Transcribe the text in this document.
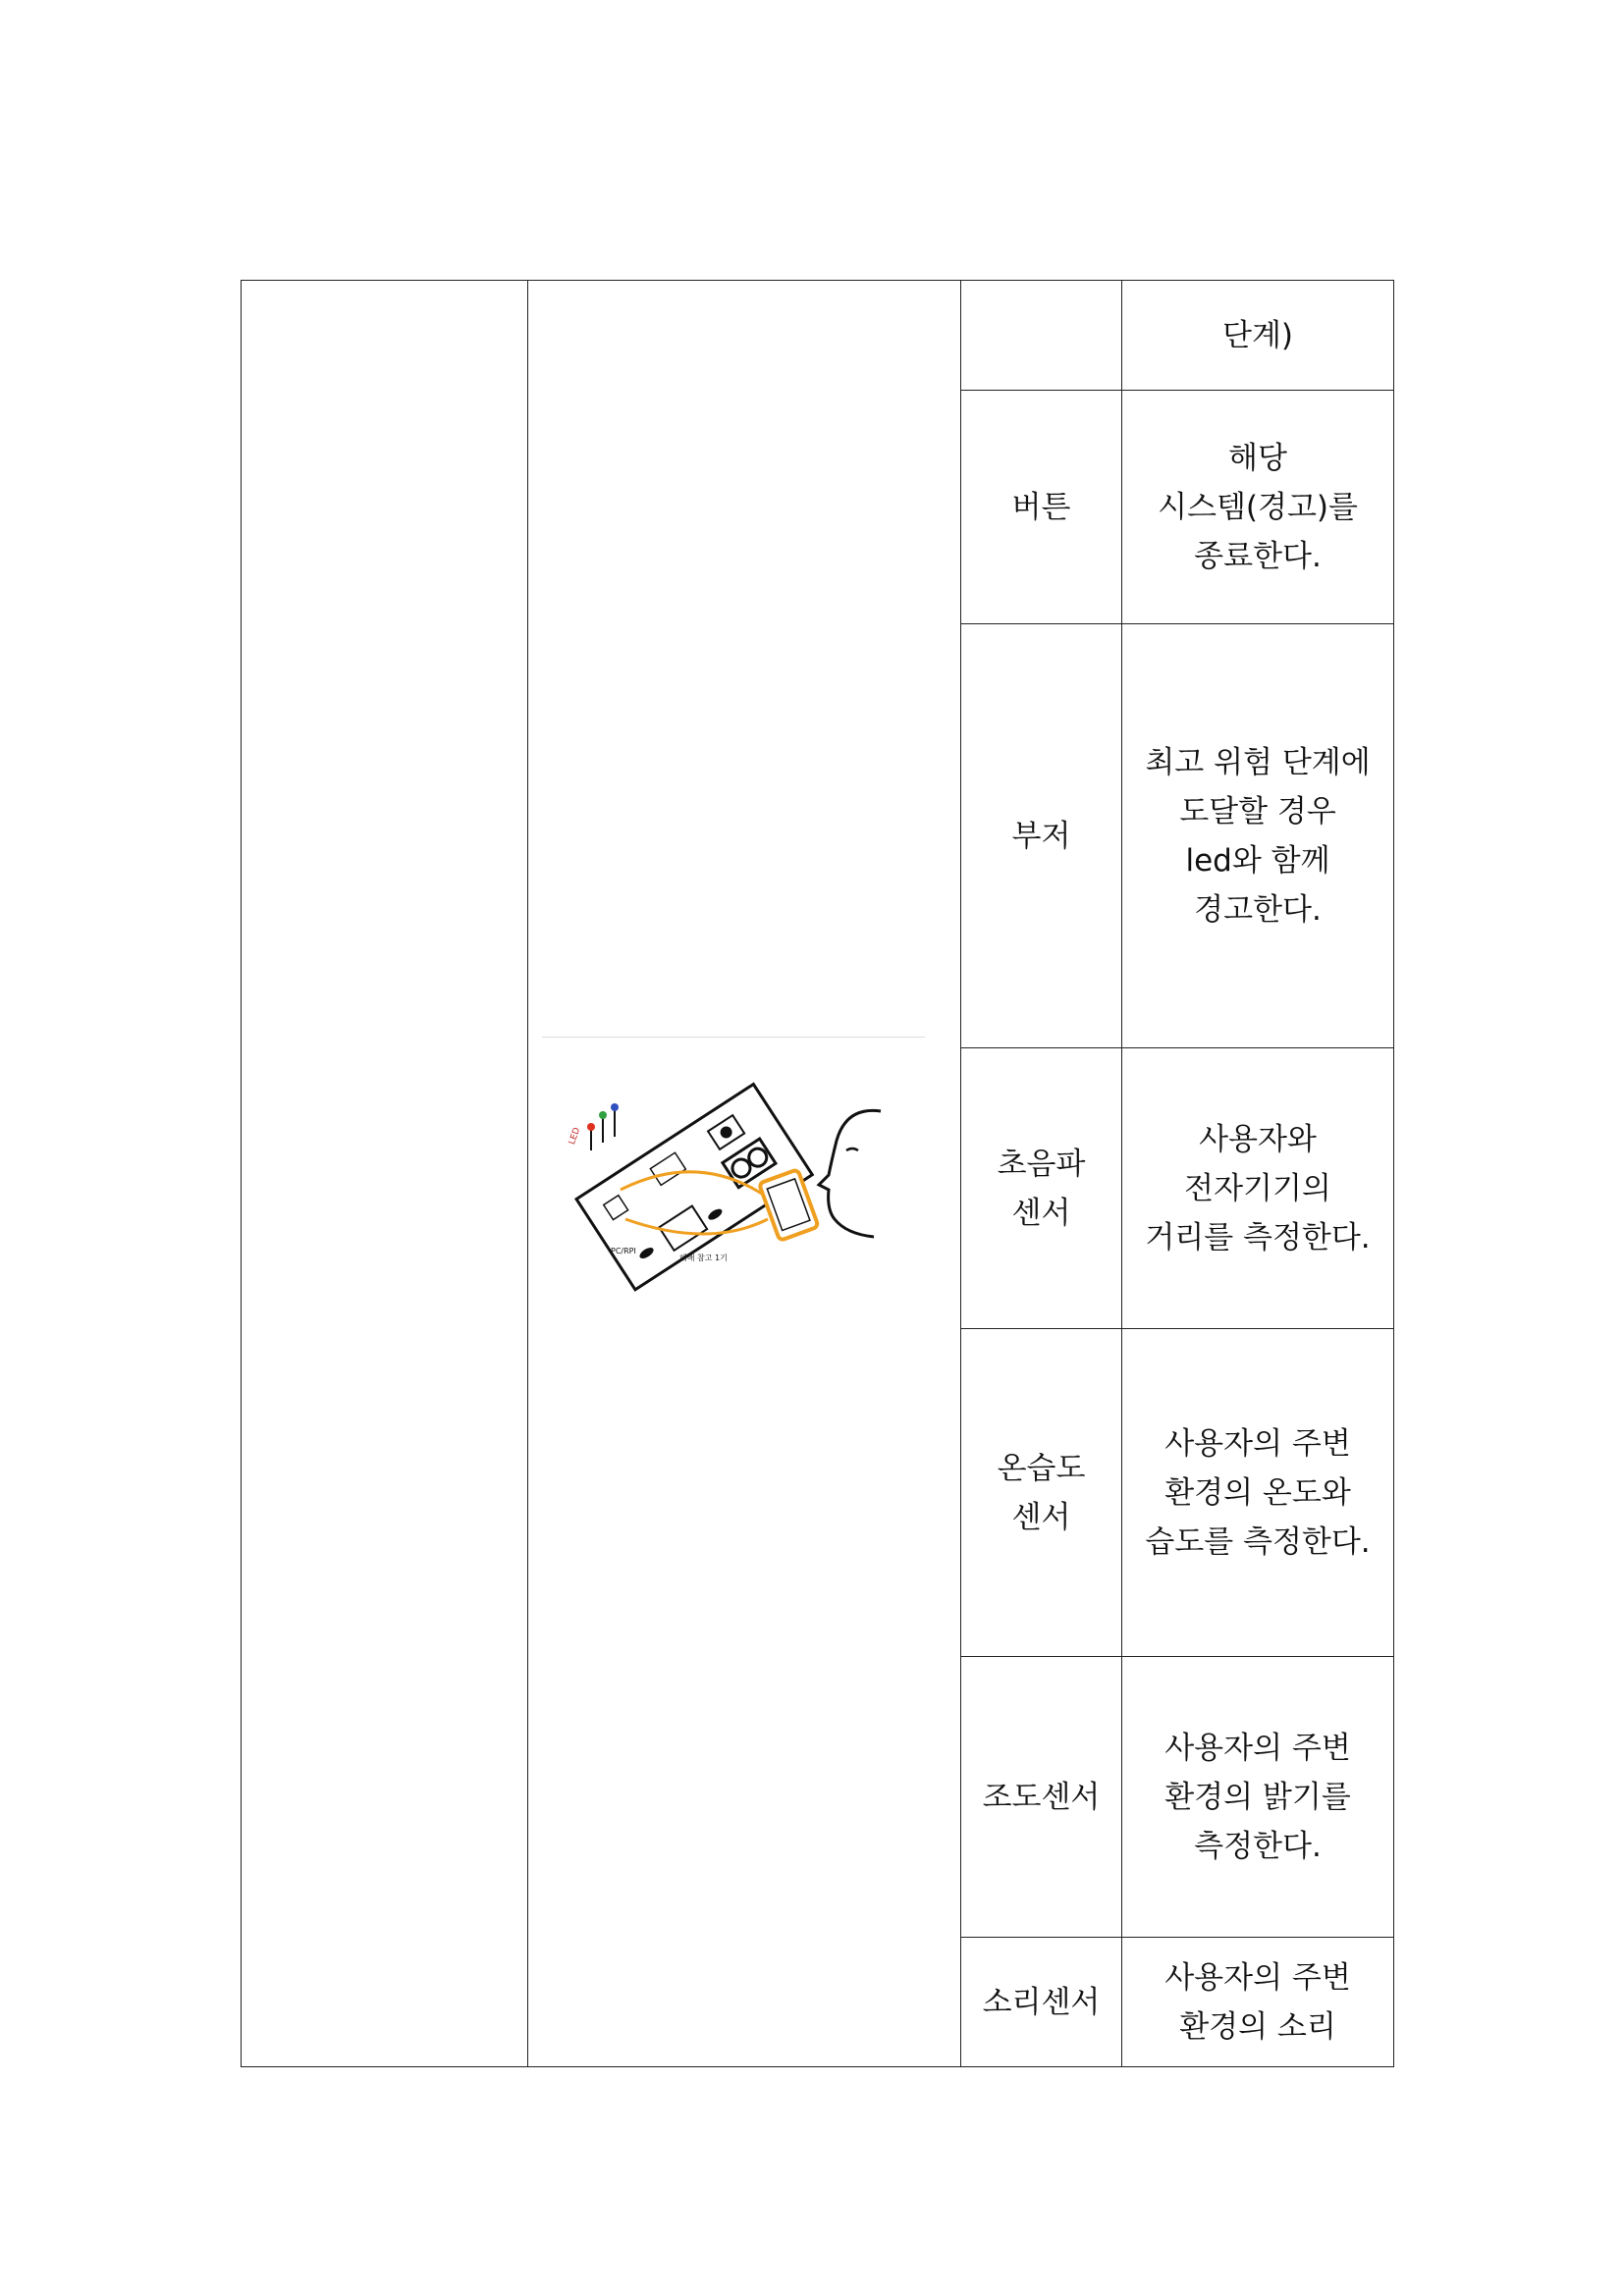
LED
PC/RPI
해배 참고 1기		단계)

		버튼	해당
시스템(경고)를
종료한다.

		부저	최고 위험 단계에
도달할 경우
led와 함께
경고한다.

		초음파
센서	사용자와
전자기기의
거리를 측정한다.

		온습도
센서	사용자의 주변
환경의 온도와
습도를 측정한다.

		조도센서	사용자의 주변
환경의 밝기를
측정한다.

		소리센서	사용자의 주변
환경의 소리
